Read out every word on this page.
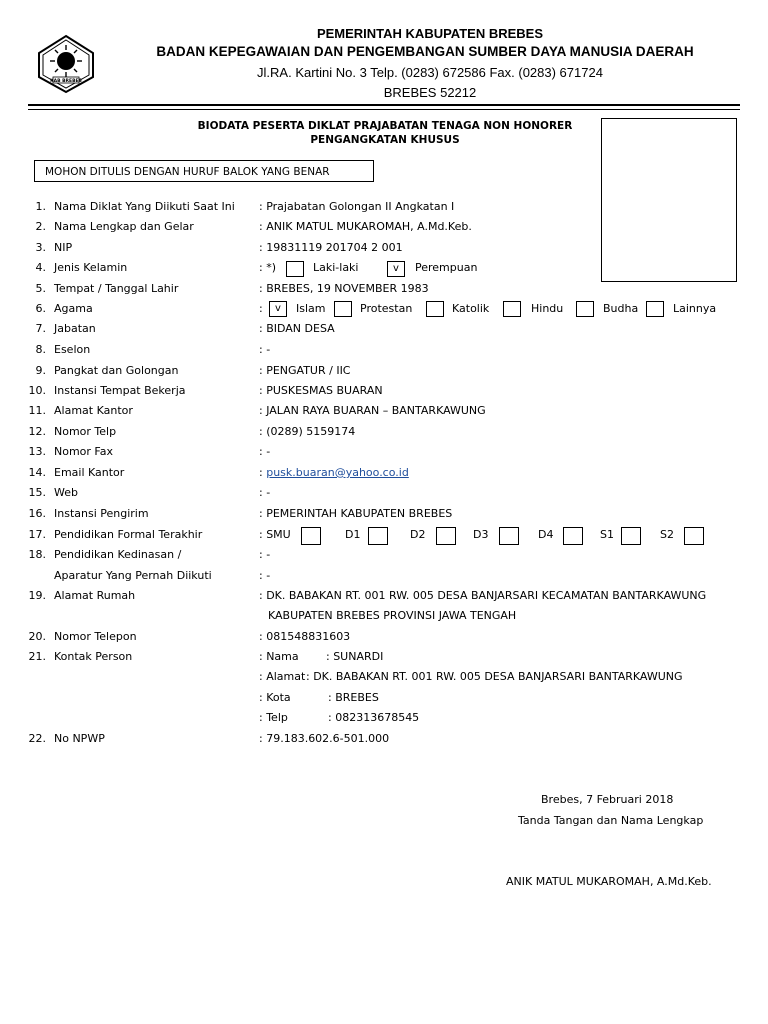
KAB BREBES
PEMERINTAH KABUPATEN BREBES
BADAN KEPEGAWAIAN DAN PENGEMBANGAN SUMBER DAYA MANUSIA DAERAH
Jl.RA. Kartini No. 3 Telp. (0283) 672586 Fax. (0283) 671724
BREBES 52212
BIODATA PESERTA DIKLAT PRAJABATAN TENAGA NON HONORER
PENGANGKATAN KHUSUS
MOHON DITULIS DENGAN HURUF BALOK YANG BENAR
1. Nama Diklat Yang Diikuti Saat Ini : Prajabatan Golongan II Angkatan I
2. Nama Lengkap dan Gelar	: ANIK MATUL MUKAROMAH, A.Md.Keb.
3. NIP	: 19831119 201704 2 001
4. Jenis Kelamin	: *)	Laki-laki	v	Perempuan
5. Tempat / Tanggal Lahir	: BREBES, 19 NOVEMBER 1983
6. Agama	:	v	Islam	Protestan	Katolik	Hindu	Budha	Lainnya
7. Jabatan	: BIDAN DESA
8. Eselon	: -
9. Pangkat dan Golongan	: PENGATUR / IIC
10. Instansi Tempat Bekerja	: PUSKESMAS BUARAN
11. Alamat Kantor	: JALAN RAYA BUARAN – BANTARKAWUNG
12. Nomor Telp	: (0289) 5159174
13. Nomor Fax	: -
14. Email Kantor	: pusk.buaran@yahoo.co.id
15. Web	: -
16. Instansi Pengirim	: PEMERINTAH KABUPATEN BREBES
17. Pendidikan Formal Terakhir	: SMU	D1	D2	D3	D4	S1	S2
18. Pendidikan Kedinasan /	: -
Aparatur Yang Pernah Diikuti	: -
19. Alamat Rumah	: DK. BABAKAN RT. 001 RW. 005 DESA BANJARSARI KECAMATAN BANTARKAWUNG
KABUPATEN BREBES PROVINSI JAWA TENGAH
20. Nomor Telepon	: 081548831603
21. Kontak Person	: Nama : SUNARDI
: Alamat : DK. BABAKAN RT. 001 RW. 005 DESA BANJARSARI BANTARKAWUNG
: Kota	: BREBES
: Telp	: 082313678545
22. No NPWP	: 79.183.602.6-501.000
Brebes, 7 Februari 2018
Tanda Tangan dan Nama Lengkap
ANIK MATUL MUKAROMAH, A.Md.Keb.
